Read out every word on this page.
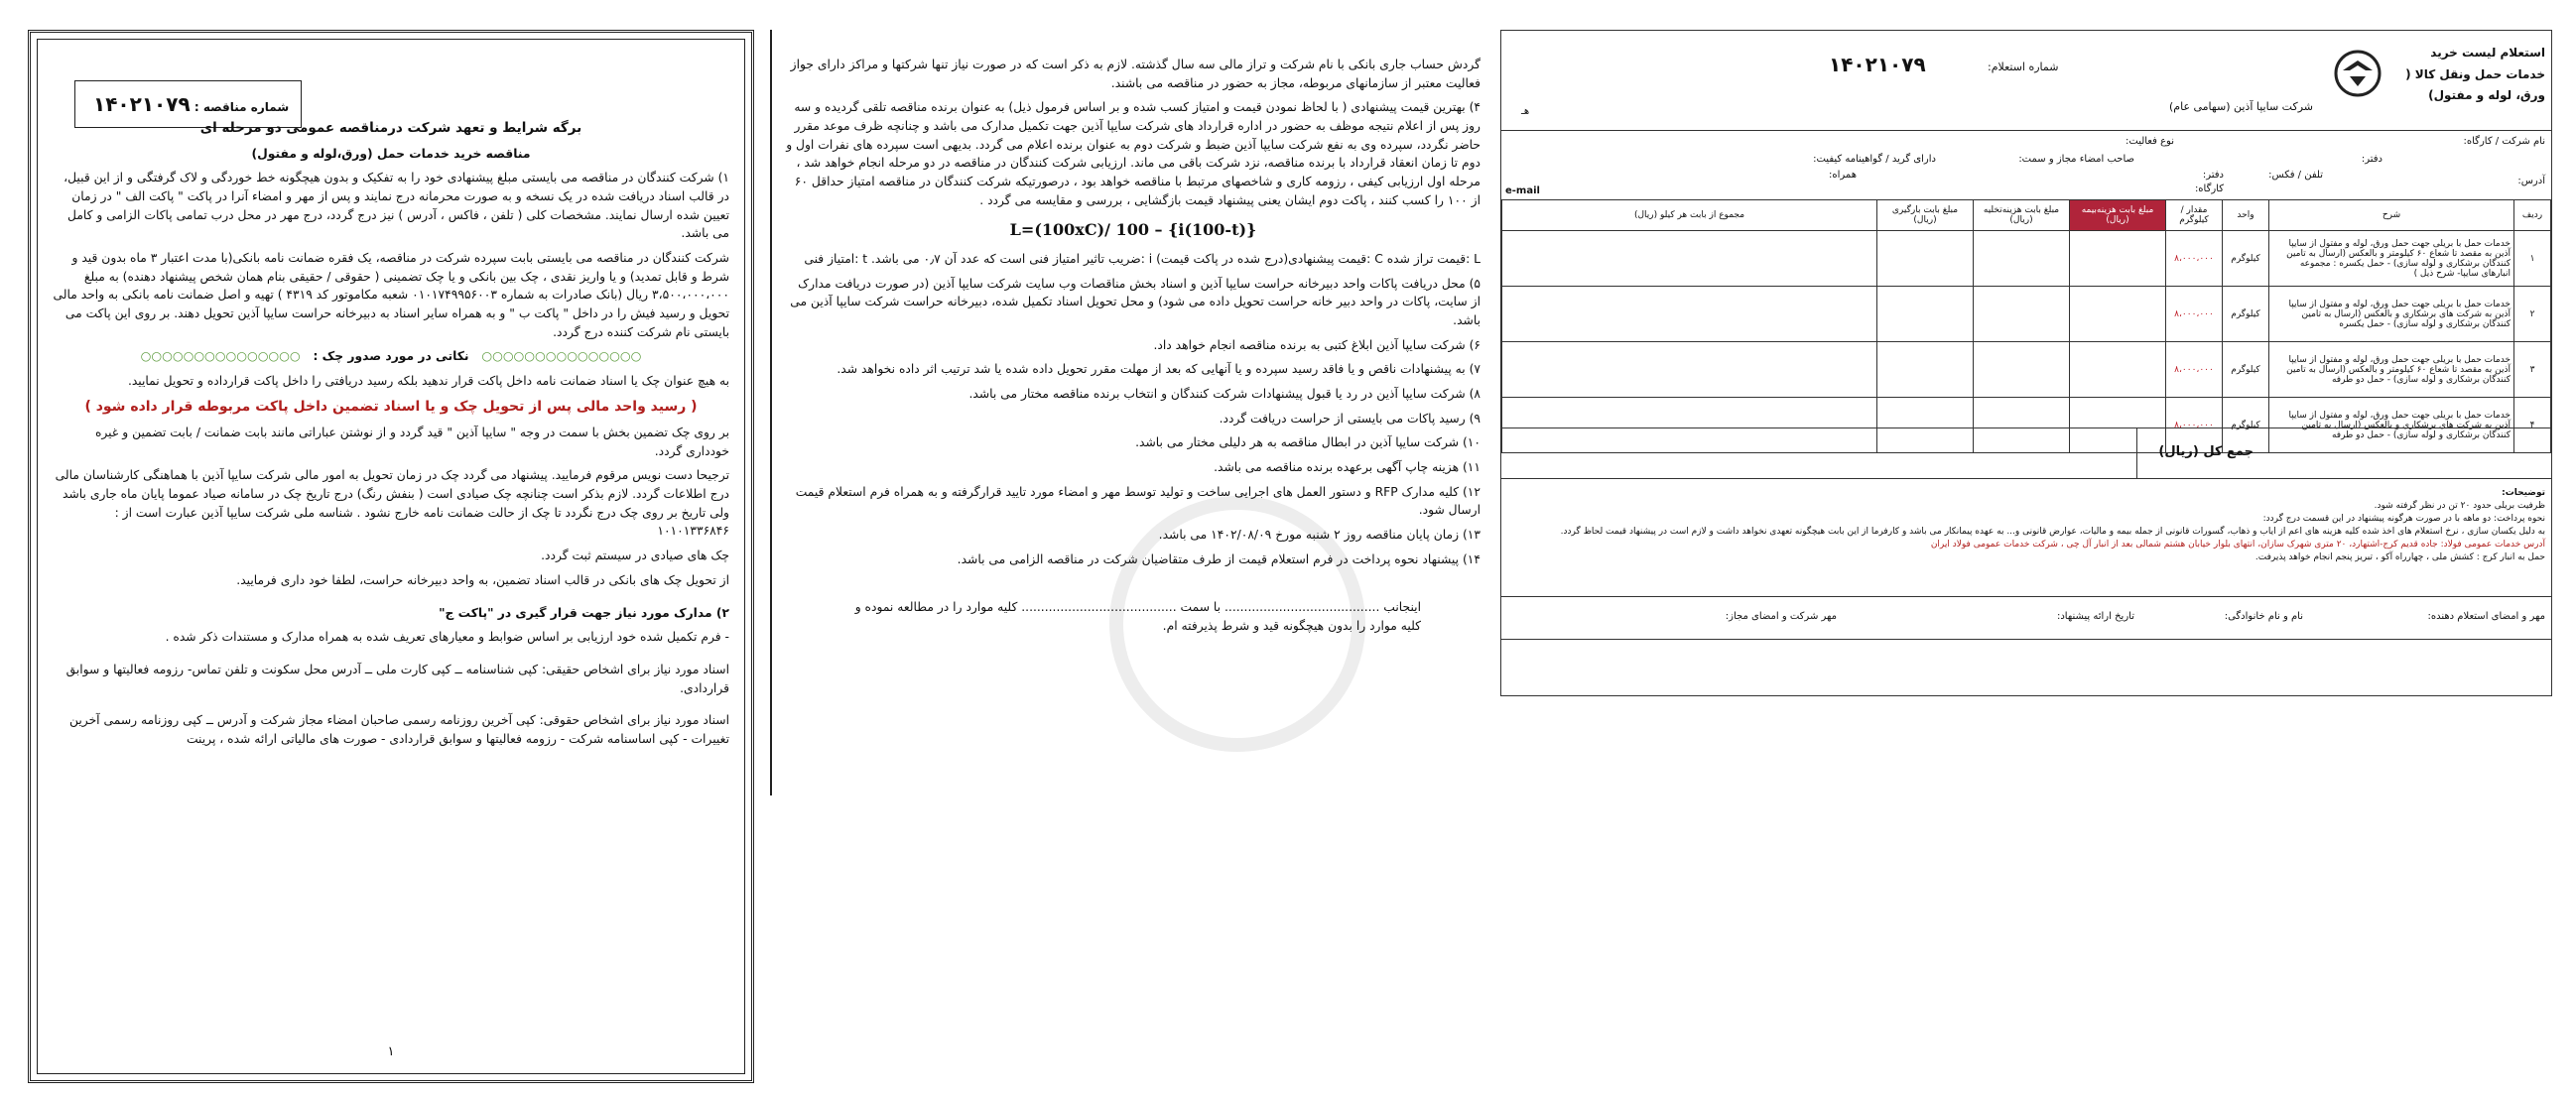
شماره مناقصه : ۱۴۰۲۱۰۷۹

برگه شرایط و تعهد شرکت درمناقصه عمومی دو مرحله ای

مناقصه خرید خدمات حمل (ورق،لوله و مفتول)

۱) شرکت کنندگان در مناقصه می بایستی مبلغ پیشنهادی خود را به تفکیک و بدون هیچگونه خط خوردگی و لاک گرفتگی و از این قبیل، در قالب اسناد دریافت شده در یک نسخه و به صورت محرمانه درج نمایند و پس از مهر و امضاء آنرا در پاکت " پاکت الف " در زمان تعیین شده ارسال نمایند. مشخصات کلی ( تلفن ، فاکس ، آدرس ) نیز درج گردد، درج مهر در محل درب تمامی پاکات الزامی و کامل می باشد.

شرکت کنندگان در مناقصه می بایستی بابت سپرده شرکت در مناقصه، یک فقره ضمانت نامه بانکی(با مدت اعتبار ۳ ماه بدون قید و شرط و قابل تمدید) و یا واریز نقدی ، چک بین بانکی و یا چک تضمینی ( حقوقی / حقیقی بنام همان شخص پیشنهاد دهنده) به مبلغ ۳،۵۰۰،۰۰۰،۰۰۰ ریال (بانک صادرات به شماره ۰۱۰۱۷۴۹۹۵۶۰۰۳ شعبه مکاموتور کد ۴۳۱۹ ) تهیه و اصل ضمانت نامه بانکی به واحد مالی تحویل و رسید فیش را در داخل " پاکت ب " و به همراه سایر اسناد به دبیرخانه حراست سایپا آذین تحویل دهند. بر روی این پاکت می بایستی نام شرکت کننده درج گردد.

○○○○○○○○○○○○○○○   نکاتی در مورد صدور چک :   ○○○○○○○○○○○○○○○

به هیچ عنوان چک یا اسناد ضمانت نامه داخل پاکت قرار ندهید بلکه رسید دریافتی را داخل پاکت قرارداده و تحویل نمایید.

( رسید واحد مالی پس از تحویل چک و یا اسناد تضمین داخل پاکت مربوطه قرار داده شود )

بر روی چک تضمین بخش با سمت در وجه " سایپا آذین " قید گردد و از نوشتن عباراتی مانند بابت ضمانت / بابت تضمین و غیره خودداری گردد.

ترجیحا دست نویس مرقوم فرمایید. پیشنهاد می گردد چک در زمان تحویل به امور مالی شرکت سایپا آذین با هماهنگی کارشناسان مالی درج اطلاعات گردد. لازم بذکر است چنانچه چک صیادی است ( بنفش رنگ) درج تاریخ چک در سامانه صیاد عموما پایان ماه جاری باشد ولی تاریخ بر روی چک درج نگردد تا چک از حالت ضمانت نامه خارج نشود . شناسه ملی شرکت سایپا آذین عبارت است از : ۱۰۱۰۱۳۳۶۸۴۶

چک های صیادی در سیستم ثبت گردد.

از تحویل چک های بانکی در قالب اسناد تضمین، به واحد دبیرخانه حراست، لطفا خود داری فرمایید.

۲) مدارک مورد نیاز جهت قرار گیری در "پاکت ج"

- فرم تکمیل شده خود ارزیابی بر اساس ضوابط و معیارهای تعریف شده به همراه مدارک و مستندات ذکر شده .

اسناد مورد نیاز برای اشخاص حقیقی: کپی شناسنامه ــ کپی کارت ملی ــ آدرس محل سکونت و تلفن تماس- رزومه فعالیتها و سوابق قراردادی.

اسناد مورد نیاز برای اشخاص حقوقی: کپی آخرین روزنامه رسمی صاحبان امضاء مجاز شرکت و آدرس ــ کپی روزنامه رسمی آخرین تغییرات - کپی اساسنامه شرکت - رزومه فعالیتها و سوابق قراردادی - صورت های مالیاتی ارائه شده ، پرینت

۱

گردش حساب جاری بانکی با نام شرکت و تراز مالی سه سال گذشته. لازم به ذکر است که در صورت نیاز تنها شرکتها و مراکز دارای جواز فعالیت معتبر از سازمانهای مربوطه، مجاز به حضور در مناقصه می باشند.

۴) بهترین قیمت پیشنهادی ( با لحاظ نمودن قیمت و امتیاز کسب شده و بر اساس فرمول ذیل) به عنوان برنده مناقصه تلقی گردیده و سه روز پس از اعلام نتیجه موظف به حضور در اداره قرارداد های شرکت سایپا آذین جهت تکمیل مدارک می باشد و چنانچه ظرف موعد مقرر حاضر نگردد، سپرده وی به نفع شرکت سایپا آذین ضبط و شرکت دوم به عنوان برنده اعلام می گردد. بدیهی است سپرده های نفرات اول و دوم تا زمان انعقاد قرارداد با برنده مناقصه، نزد شرکت باقی می ماند. ارزیابی شرکت کنندگان در مناقصه در دو مرحله انجام خواهد شد ، مرحله اول ارزیابی کیفی ، رزومه کاری و شاخصهای مرتبط با مناقصه خواهد بود ، درصورتیکه شرکت کنندگان در مناقصه امتیاز حداقل ۶۰ از ۱۰۰ را کسب کنند ، پاکت دوم ایشان یعنی پیشنهاد قیمت بازگشایی ، بررسی و مقایسه می گردد .

L=(100xC)/ 100 – {i(100-t)}

L :قیمت تراز شده C :قیمت پیشنهادی(درج شده در پاکت قیمت) i :ضریب تاثیر امتیاز فنی است که عدد آن ۰٫۷ می باشد. t :امتیاز فنی

۵) محل دریافت پاکات واحد دبیرخانه حراست سایپا آذین و اسناد بخش مناقصات وب سایت شرکت سایپا آذین (در صورت دریافت مدارک از سایت، پاکات در واحد دبیر خانه حراست تحویل داده می شود) و محل تحویل اسناد تکمیل شده، دبیرخانه حراست شرکت سایپا آذین می باشد.

۶) شرکت سایپا آذین ابلاغ کتبی به برنده مناقصه انجام خواهد داد.

۷) به پیشنهادات ناقص و یا فاقد رسید سپرده و یا آنهایی که بعد از مهلت مقرر تحویل داده شده یا شد ترتیب اثر داده نخواهد شد.

۸) شرکت سایپا آذین در رد یا قبول پیشنهادات شرکت کنندگان و انتخاب برنده مناقصه مختار می باشد.

۹) رسید پاکات می بایستی از حراست دریافت گردد.

۱۰) شرکت سایپا آذین در ابطال مناقصه به هر دلیلی مختار می باشد.

۱۱) هزینه چاپ آگهی برعهده برنده مناقصه می باشد.

۱۲) کلیه مدارک RFP و دستور العمل های اجرایی ساخت و تولید توسط مهر و امضاء مورد تایید قرارگرفته و به همراه فرم استعلام قیمت ارسال شود.

۱۳) زمان پایان مناقصه روز ۲ شنبه مورخ ۱۴۰۲/۰۸/۰۹ می باشد.

۱۴) پیشنهاد نحوه پرداخت در فرم استعلام قیمت از طرف متقاضیان شرکت در مناقصه الزامی می باشد.

اینجانب ........................................ با سمت ........................................ کلیه موارد را در مطالعه نموده و کلیه موارد را بدون هیچگونه قید و شرط پذیرفته ام.

استعلام لیست خرید خدمات حمل ونقل کالا ( ورق، لوله و مفتول)
شماره استعلام:
۱۴۰۲۱۰۷۹
شرکت سایپا آذین (سهامی عام)
هـ
نام شرکت / کارگاه:
نوع فعالیت:
صاحب امضاء مجاز و سمت:
دارای گرید / گواهینامه کیفیت:	دفتر:
دفتر:	تلفن / فکس:
همراه:
کارگاه:
آدرس:
e-mail
ردیف	شرح	واحد	مقدار /کیلوگرم	مبلغ بابت هزینه‌بیمه (ریال)	مبلغ بابت هزینه‌تخلیه (ریال)	مبلغ بابت بارگیری (ریال)	مجموع از بابت هر کیلو (ریال)
۱	خدمات حمل با بریلی جهت حمل ورق، لوله و مفتول از سایپا آذین به مقصد تا شعاع ۶۰ کیلومتر و بالعکس (ارسال به تامین کنندگان برشکاری و لوله سازی) - حمل یکسره : مجموعه انبارهای سایپا- شرح ذیل )	کیلوگرم	۸،۰۰۰،۰۰۰				
۲	خدمات حمل با بریلی جهت حمل ورق، لوله و مفتول از سایپا آذین به شرکت های برشکاری و بالعکس (ارسال به تامین کنندگان برشکاری و لوله سازی) - حمل یکسره	کیلوگرم	۸،۰۰۰،۰۰۰				
۳	خدمات حمل با بریلی جهت حمل ورق، لوله و مفتول از سایپا آذین به مقصد تا شعاع ۶۰ کیلومتر و بالعکس (ارسال به تامین کنندگان برشکاری و لوله سازی) - حمل دو طرفه	کیلوگرم	۸،۰۰۰،۰۰۰				
۴	خدمات حمل با بریلی جهت حمل ورق، لوله و مفتول از سایپا آذین به شرکت های برشکاری و بالعکس (ارسال به تامین کنندگان برشکاری و لوله سازی) - حمل دو طرفه	کیلوگرم	۸،۰۰۰،۰۰۰				
جمع کل (ریال)
توضیحات:
ظرفیت بریلی حدود ۲۰ تن در نظر گرفته شود.
نحوه پرداخت: دو ماهه با در صورت هرگونه پیشنهاد در این قسمت درج گردد:
به دلیل یکسان سازی ، نرخ استعلام های اخذ شده کلیه هزینه های اعم از ایاب و ذهاب، گسورات قانونی از جمله بیمه و مالیات، عوارض قانونی و... به عهده پیمانکار می باشد و کارفرما از این بابت هیچگونه تعهدی نخواهد داشت و لازم است در پیشنهاد قیمت لحاظ گردد.
آدرس خدمات عمومی فولاد: جاده قدیم کرج-اشتهارد، ۲۰ متری شهرک سازان، انتهای بلوار خیابان هشتم شمالی بعد از انبار آل چی ، شرکت خدمات عمومی فولاد ایران
حمل به انبار کرج : کشش ملی ، چهارراه آکو ، تبریز پنجم انجام خواهد پذیرفت.
مهر و امضای استعلام دهنده:
نام و نام خانوادگی:
تاریخ ارائه پیشنهاد:
مهر شرکت و امضای مجاز:
